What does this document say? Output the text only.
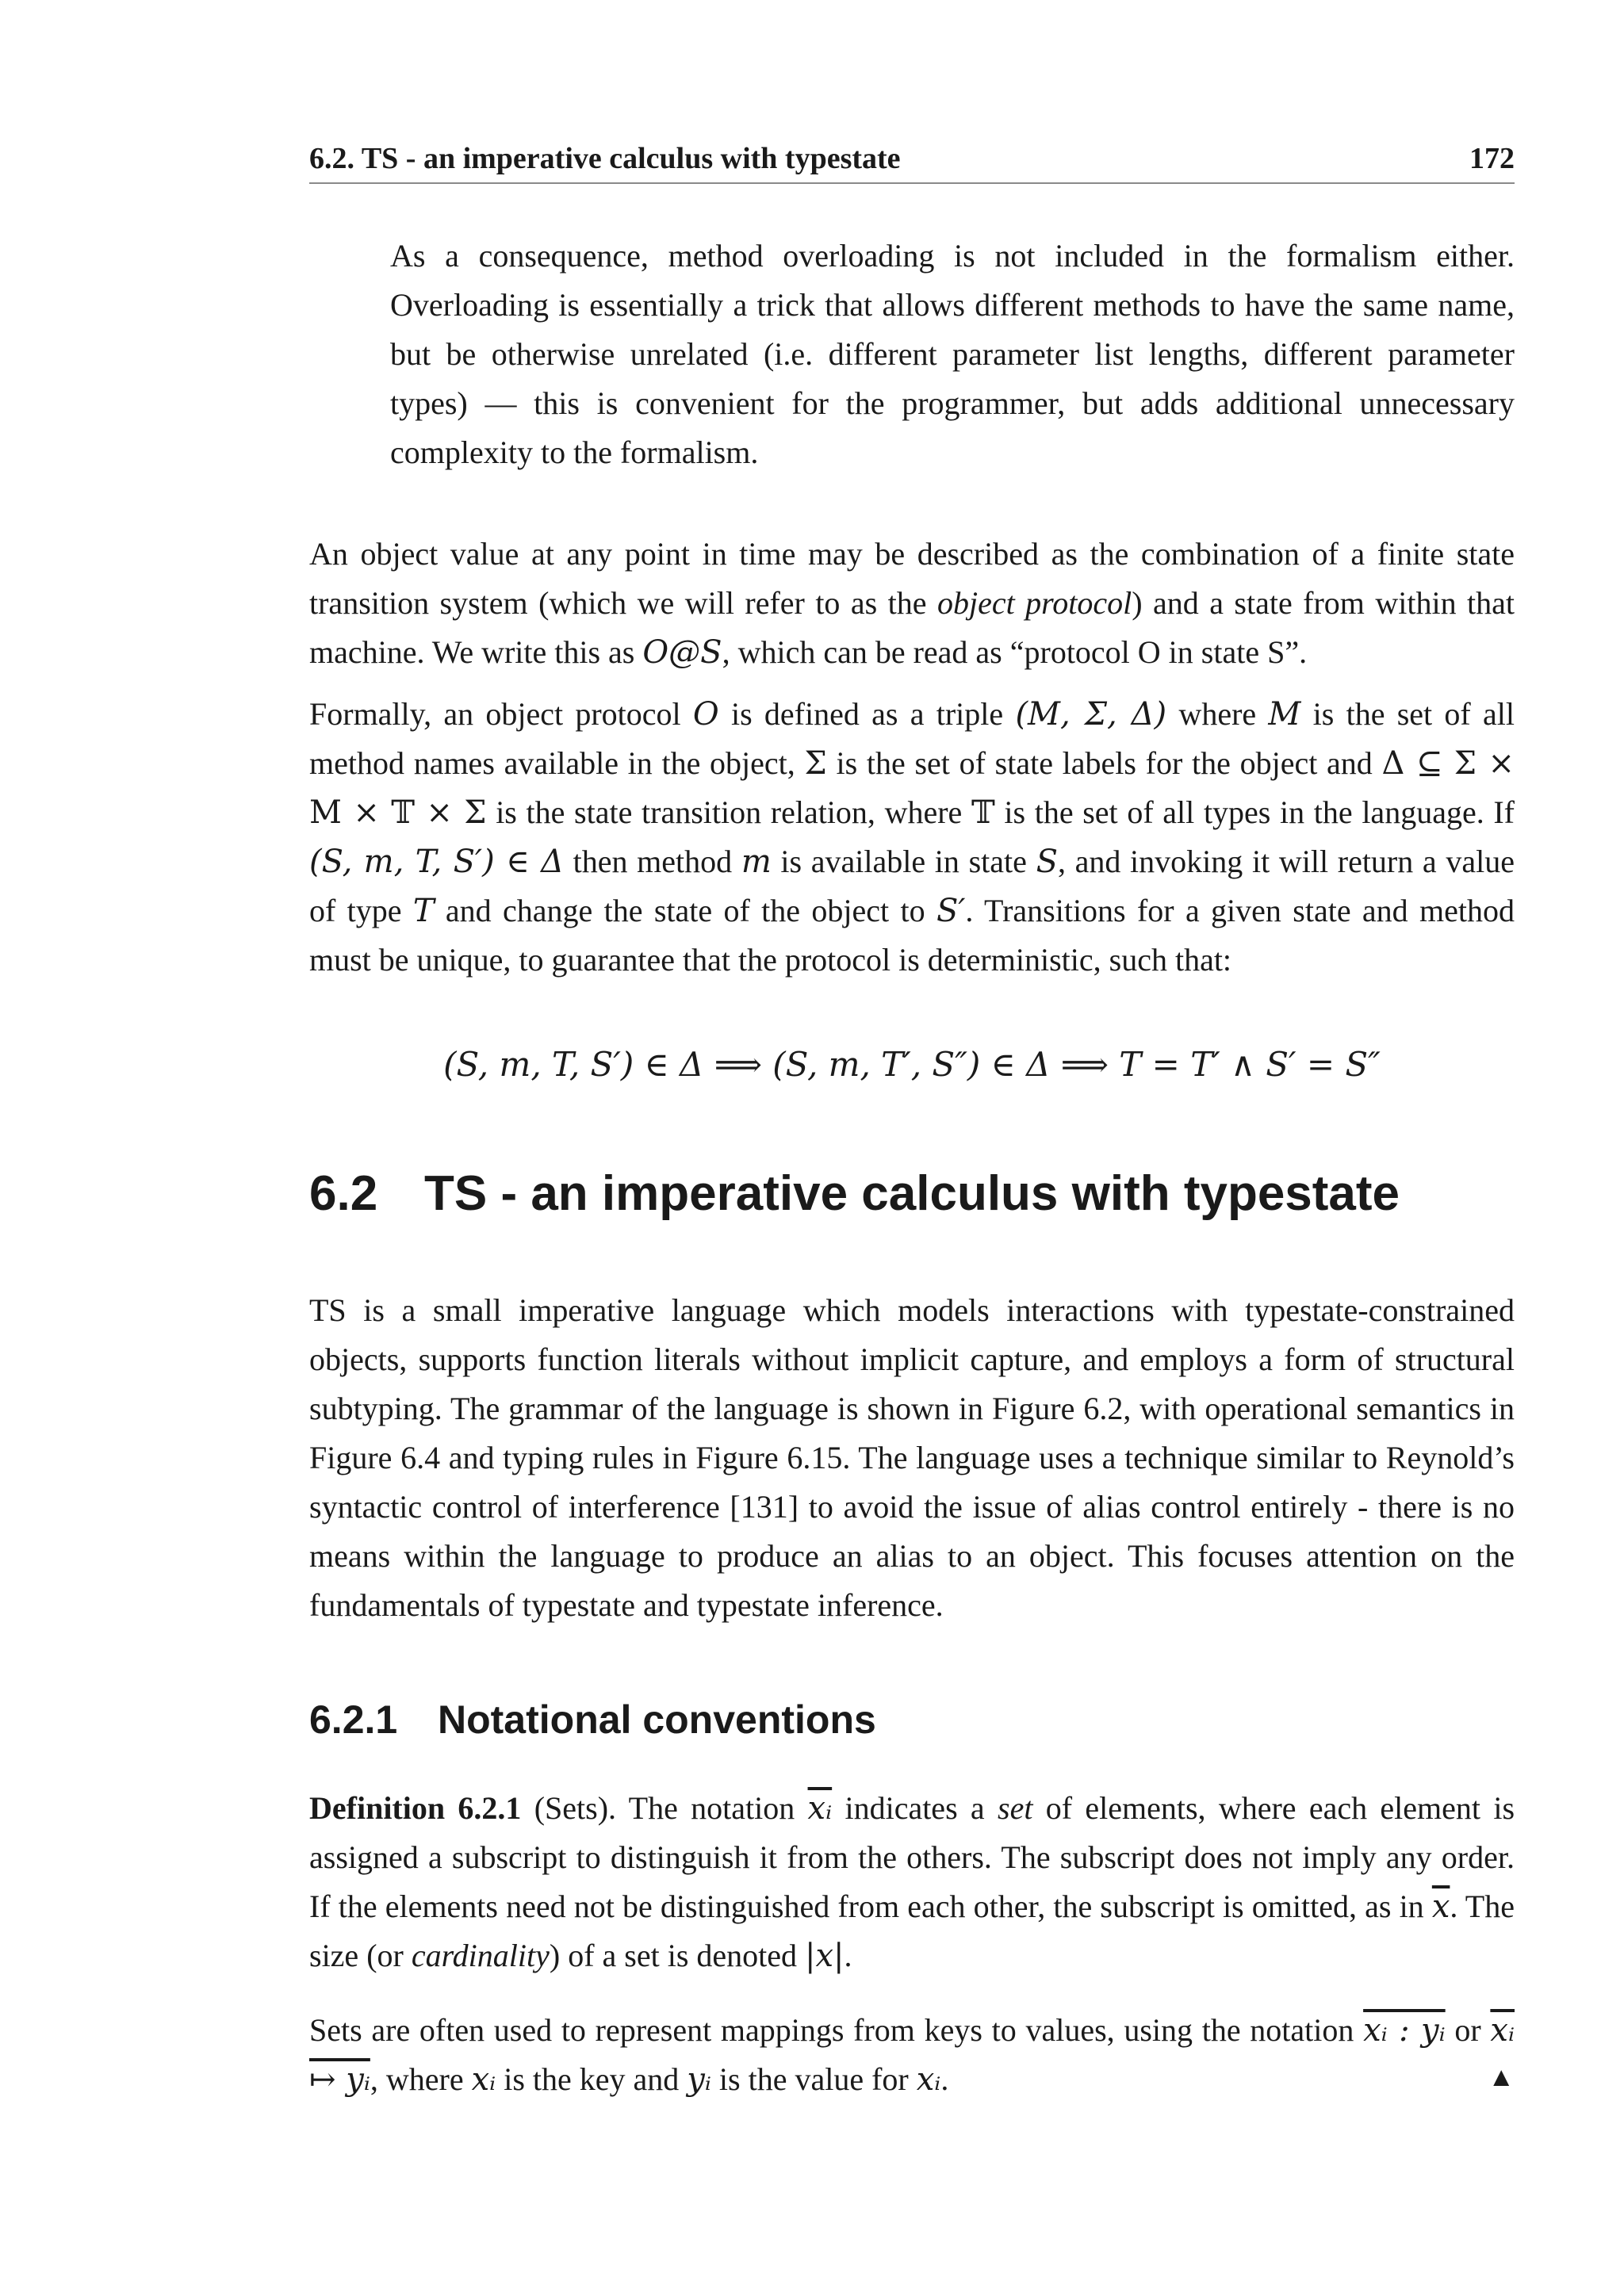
6.2. TS - an imperative calculus with typestate	172

As a consequence, method overloading is not included in the formalism either. Overloading is essentially a trick that allows different methods to have the same name, but be otherwise unrelated (i.e. different parameter list lengths, different parameter types) — this is convenient for the programmer, but adds additional unnecessary complexity to the formalism.

An object value at any point in time may be described as the combination of a finite state transition system (which we will refer to as the object protocol) and a state from within that machine. We write this as O@S, which can be read as “protocol O in state S”.

Formally, an object protocol O is defined as a triple (M, Σ, Δ) where M is the set of all method names available in the object, Σ is the set of state labels for the object and Δ ⊆ Σ × M × 𝕋 × Σ is the state transition relation, where 𝕋 is the set of all types in the language. If (S, m, T, S′) ∈ Δ then method m is available in state S, and invoking it will return a value of type T and change the state of the object to S′. Transitions for a given state and method must be unique, to guarantee that the protocol is deterministic, such that:

(S, m, T, S′) ∈ Δ ⟹ (S, m, T′, S″) ∈ Δ ⟹ T = T′ ∧ S′ = S″
6.2 TS - an imperative calculus with typestate

TS is a small imperative language which models interactions with typestate-constrained objects, supports function literals without implicit capture, and employs a form of structural subtyping. The grammar of the language is shown in Figure 6.2, with operational semantics in Figure 6.4 and typing rules in Figure 6.15. The language uses a technique similar to Reynold’s syntactic control of interference [131] to avoid the issue of alias control entirely - there is no means within the language to produce an alias to an object. This focuses attention on the fundamentals of typestate and typestate inference.

6.2.1 Notational conventions

Definition 6.2.1 (Sets). The notation $\overline{xᵢ}$ indicates a set of elements, where each element is assigned a subscript to distinguish it from the others. The subscript does not imply any order. If the elements need not be distinguished from each other, the subscript is omitted, as in $\overline{x}$. The size (or cardinality) of a set is denoted |x|.

Sets are often used to represent mappings from keys to values, using the notation xᵢ : yᵢ or xᵢ ↦ yᵢ, where xᵢ is the key and yᵢ is the value for xᵢ.	▲
